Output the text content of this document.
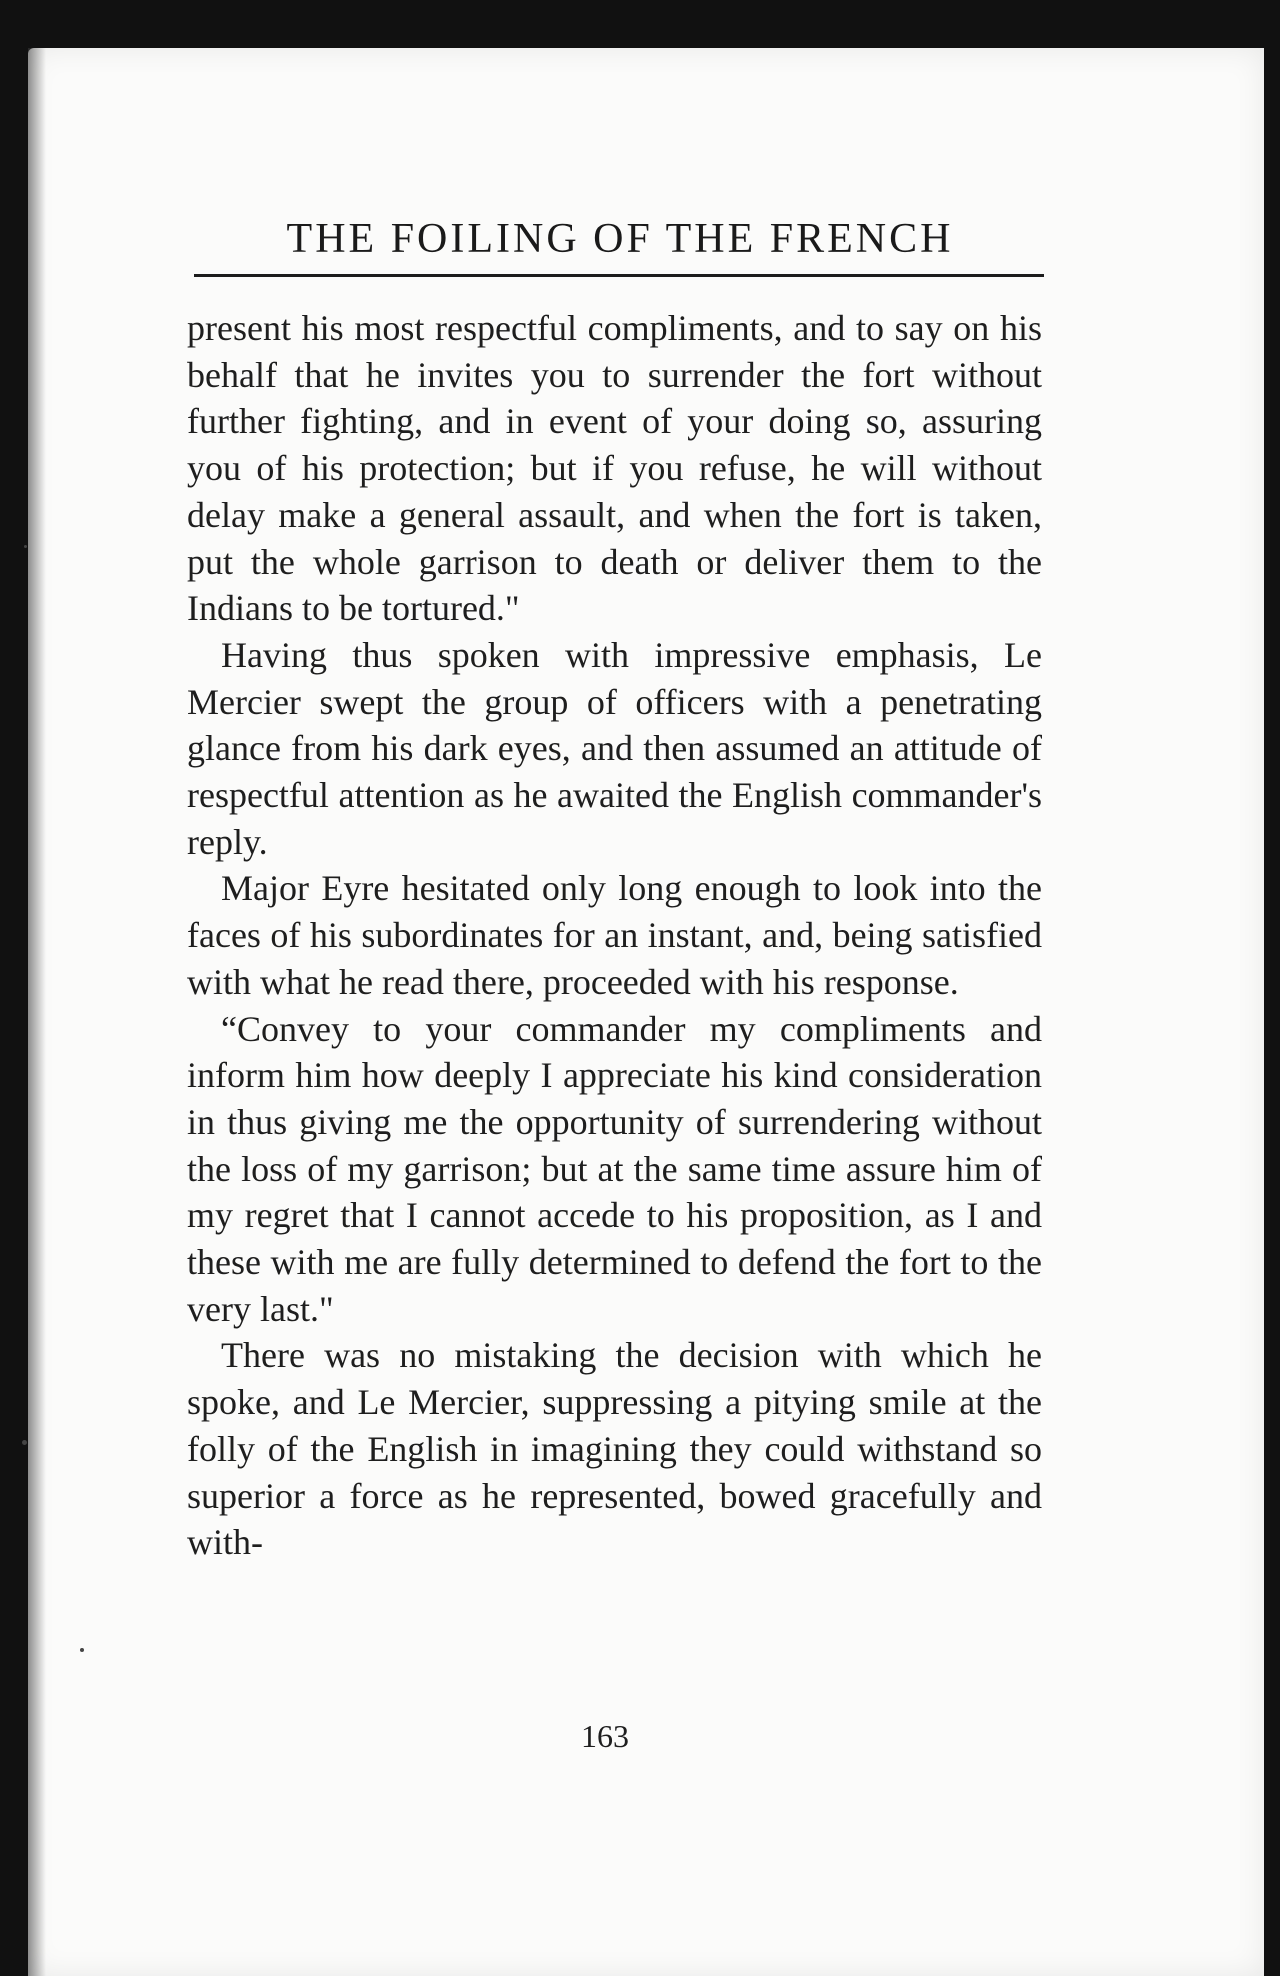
THE FOILING OF THE FRENCH

present his most respectful compliments, and to say on his behalf that he invites you to surrender the fort without further fighting, and in event of your doing so, assuring you of his protection; but if you refuse, he will without delay make a general assault, and when the fort is taken, put the whole garrison to death or deliver them to the Indians to be tortured."

Having thus spoken with impressive emphasis, Le Mercier swept the group of officers with a penetrating glance from his dark eyes, and then assumed an attitude of respectful attention as he awaited the English commander's reply.

Major Eyre hesitated only long enough to look into the faces of his subordinates for an instant, and, being satisfied with what he read there, proceeded with his response.

“Convey to your commander my compliments and inform him how deeply I appreciate his kind consideration in thus giving me the opportunity of surrendering without the loss of my garrison; but at the same time assure him of my regret that I cannot accede to his proposition, as I and these with me are fully determined to defend the fort to the very last."

There was no mistaking the decision with which he spoke, and Le Mercier, suppressing a pitying smile at the folly of the English in imagining they could withstand so superior a force as he represented, bowed gracefully and with-

163
